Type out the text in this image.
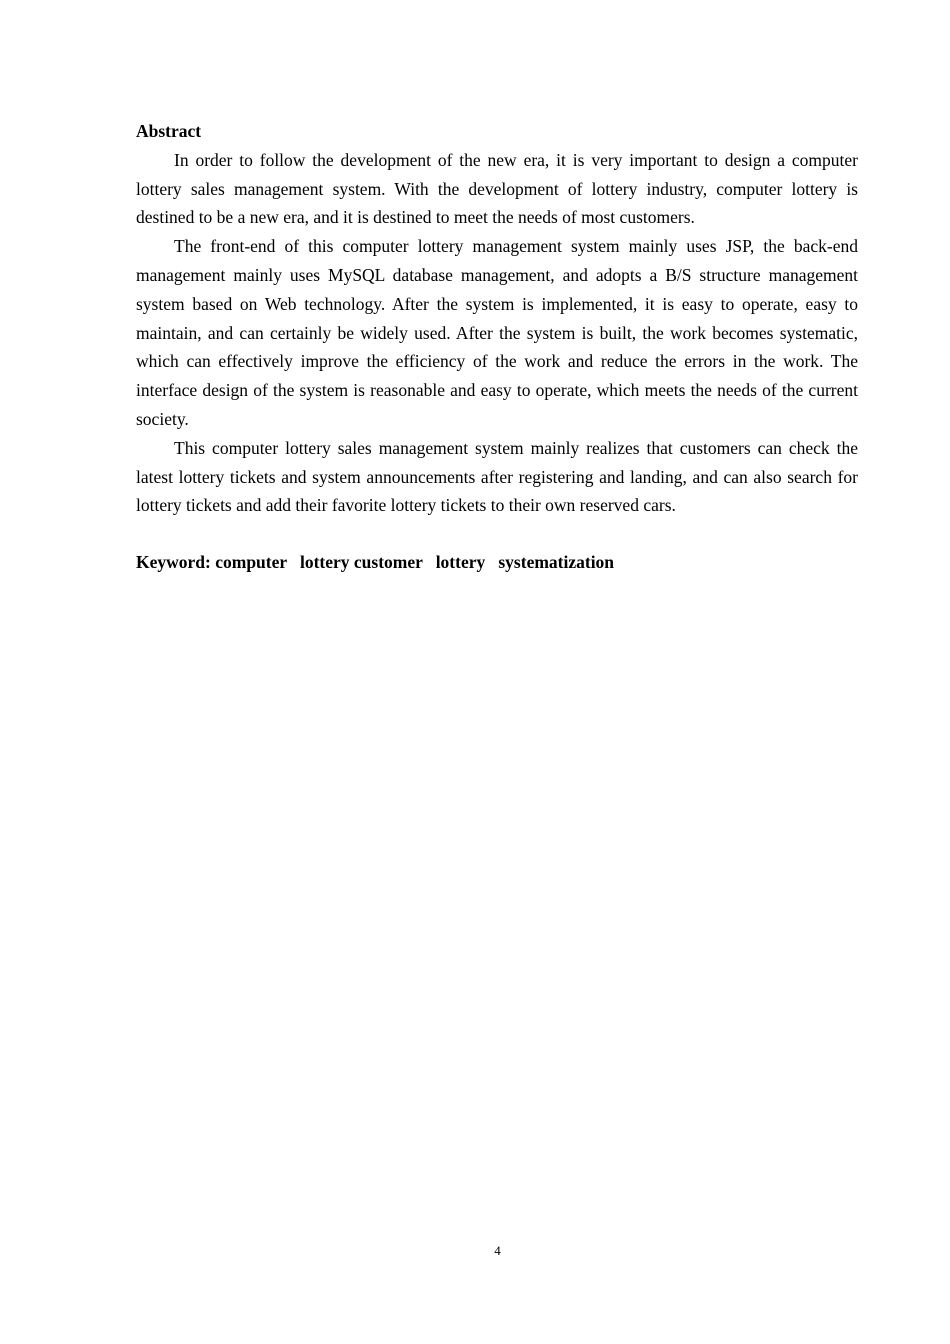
Abstract

In order to follow the development of the new era, it is very important to design a computer lottery sales management system. With the development of lottery industry, computer lottery is destined to be a new era, and it is destined to meet the needs of most customers.

The front-end of this computer lottery management system mainly uses JSP, the back-end management mainly uses MySQL database management, and adopts a B/S structure management system based on Web technology. After the system is implemented, it is easy to operate, easy to maintain, and can certainly be widely used. After the system is built, the work becomes systematic, which can effectively improve the efficiency of the work and reduce the errors in the work. The interface design of the system is reasonable and easy to operate, which meets the needs of the current society.

This computer lottery sales management system mainly realizes that customers can check the latest lottery tickets and system announcements after registering and landing, and can also search for lottery tickets and add their favorite lottery tickets to their own reserved cars.

Keyword: computer   lottery customer   lottery   systematization
4
